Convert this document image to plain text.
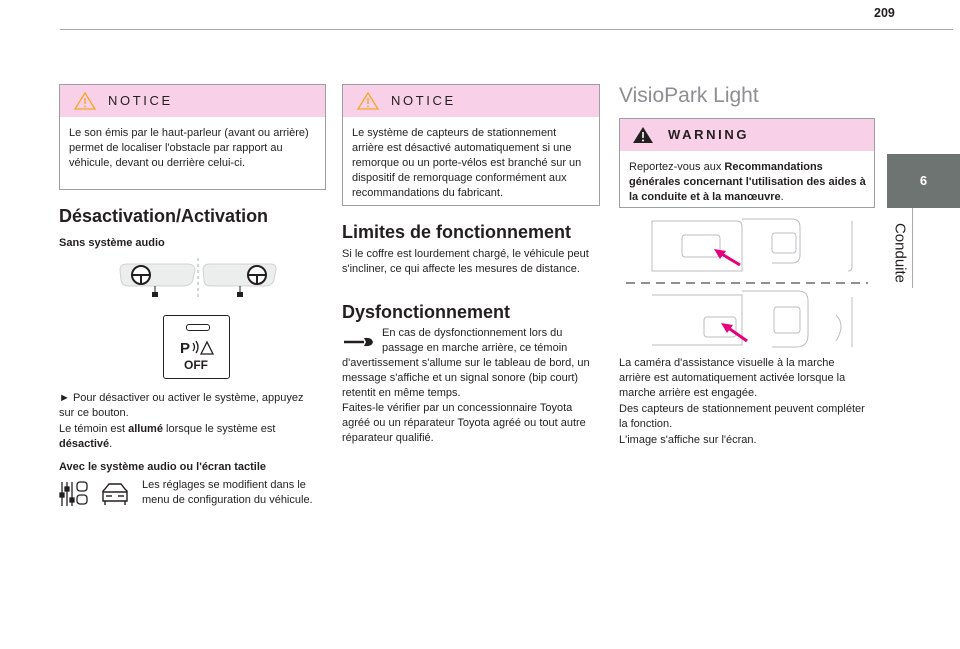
209
6
Conduite
NOTICE
Le son émis par le haut-parleur (avant ou arrière) permet de localiser l'obstacle par rapport au véhicule, devant ou derrière celui-ci.
Désactivation/Activation
Sans système audio
P
OFF
► Pour désactiver ou activer le système, appuyez sur ce bouton.
Le témoin est allumé lorsque le système est désactivé.
Avec le système audio ou l'écran tactile
Les réglages se modifient dans le menu de configuration du véhicule.
NOTICE
Le système de capteurs de stationnement arrière est désactivé automatiquement si une remorque ou un porte-vélos est branché sur un dispositif de remorquage conformément aux recommandations du fabricant.
Limites de fonctionnement
Si le coffre est lourdement chargé, le véhicule peut s'incliner, ce qui affecte les mesures de distance.
Dysfonctionnement
En cas de dysfonctionnement lors du passage en marche arrière, ce témoin
d'avertissement s'allume sur le tableau de bord, un message s'affiche et un signal sonore (bip court) retentit en même temps.
Faites-le vérifier par un concessionnaire Toyota agréé ou un réparateur Toyota agréé ou tout autre réparateur qualifié.
VisioPark Light
WARNING
Reportez-vous aux Recommandations générales concernant l'utilisation des aides à la conduite et à la manœuvre.
La caméra d'assistance visuelle à la marche arrière est automatiquement activée lorsque la marche arrière est engagée.
Des capteurs de stationnement peuvent compléter la fonction.
L'image s'affiche sur l'écran.
